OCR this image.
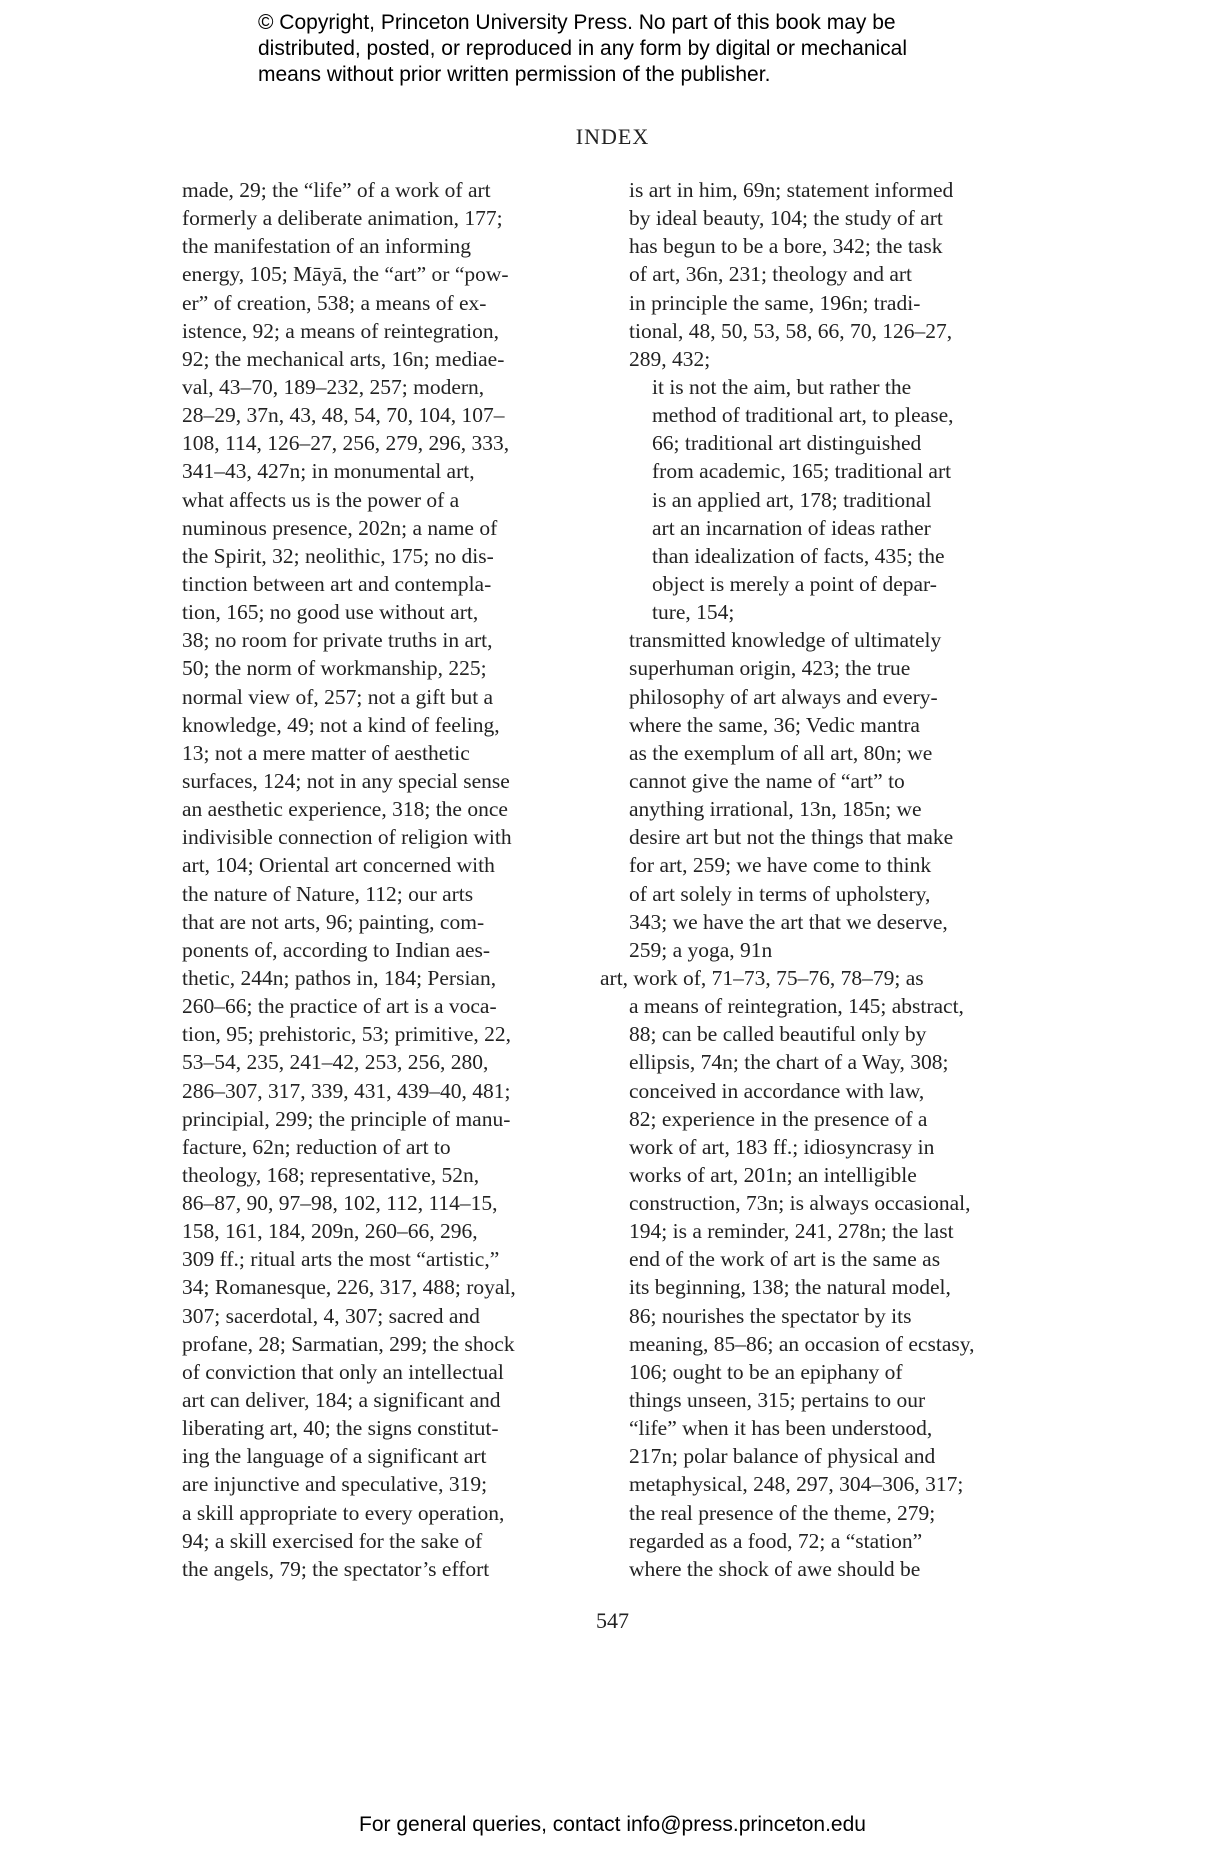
© Copyright, Princeton University Press. No part of this book may be
distributed, posted, or reproduced in any form by digital or mechanical
means without prior written permission of the publisher.
INDEX
made, 29; the “life” of a work of art
formerly a deliberate animation, 177;
the manifestation of an informing
energy, 105; Māyā, the “art” or “pow-
er” of creation, 538; a means of ex-
istence, 92; a means of reintegration,
92; the mechanical arts, 16n; mediae-
val, 43–70, 189–232, 257; modern,
28–29, 37n, 43, 48, 54, 70, 104, 107–
108, 114, 126–27, 256, 279, 296, 333,
341–43, 427n; in monumental art,
what affects us is the power of a
numinous presence, 202n; a name of
the Spirit, 32; neolithic, 175; no dis-
tinction between art and contempla-
tion, 165; no good use without art,
38; no room for private truths in art,
50; the norm of workmanship, 225;
normal view of, 257; not a gift but a
knowledge, 49; not a kind of feeling,
13; not a mere matter of aesthetic
surfaces, 124; not in any special sense
an aesthetic experience, 318; the once
indivisible connection of religion with
art, 104; Oriental art concerned with
the nature of Nature, 112; our arts
that are not arts, 96; painting, com-
ponents of, according to Indian aes-
thetic, 244n; pathos in, 184; Persian,
260–66; the practice of art is a voca-
tion, 95; prehistoric, 53; primitive, 22,
53–54, 235, 241–42, 253, 256, 280,
286–307, 317, 339, 431, 439–40, 481;
principial, 299; the principle of manu-
facture, 62n; reduction of art to
theology, 168; representative, 52n,
86–87, 90, 97–98, 102, 112, 114–15,
158, 161, 184, 209n, 260–66, 296,
309 ff.; ritual arts the most “artistic,”
34; Romanesque, 226, 317, 488; royal,
307; sacerdotal, 4, 307; sacred and
profane, 28; Sarmatian, 299; the shock
of conviction that only an intellectual
art can deliver, 184; a significant and
liberating art, 40; the signs constitut-
ing the language of a significant art
are injunctive and speculative, 319;
a skill appropriate to every operation,
94; a skill exercised for the sake of
the angels, 79; the spectator’s effort
is art in him, 69n; statement informed
by ideal beauty, 104; the study of art
has begun to be a bore, 342; the task
of art, 36n, 231; theology and art
in principle the same, 196n; tradi-
tional, 48, 50, 53, 58, 66, 70, 126–27,
289, 432;
it is not the aim, but rather the
method of traditional art, to please,
66; traditional art distinguished
from academic, 165; traditional art
is an applied art, 178; traditional
art an incarnation of ideas rather
than idealization of facts, 435; the
object is merely a point of depar-
ture, 154;
transmitted knowledge of ultimately
superhuman origin, 423; the true
philosophy of art always and every-
where the same, 36; Vedic mantra
as the exemplum of all art, 80n; we
cannot give the name of “art” to
anything irrational, 13n, 185n; we
desire art but not the things that make
for art, 259; we have come to think
of art solely in terms of upholstery,
343; we have the art that we deserve,
259; a yoga, 91n
art, work of, 71–73, 75–76, 78–79; as
a means of reintegration, 145; abstract,
88; can be called beautiful only by
ellipsis, 74n; the chart of a Way, 308;
conceived in accordance with law,
82; experience in the presence of a
work of art, 183 ff.; idiosyncrasy in
works of art, 201n; an intelligible
construction, 73n; is always occasional,
194; is a reminder, 241, 278n; the last
end of the work of art is the same as
its beginning, 138; the natural model,
86; nourishes the spectator by its
meaning, 85–86; an occasion of ecstasy,
106; ought to be an epiphany of
things unseen, 315; pertains to our
“life” when it has been understood,
217n; polar balance of physical and
metaphysical, 248, 297, 304–306, 317;
the real presence of the theme, 279;
regarded as a food, 72; a “station”
where the shock of awe should be
547
For general queries, contact info@press.princeton.edu
